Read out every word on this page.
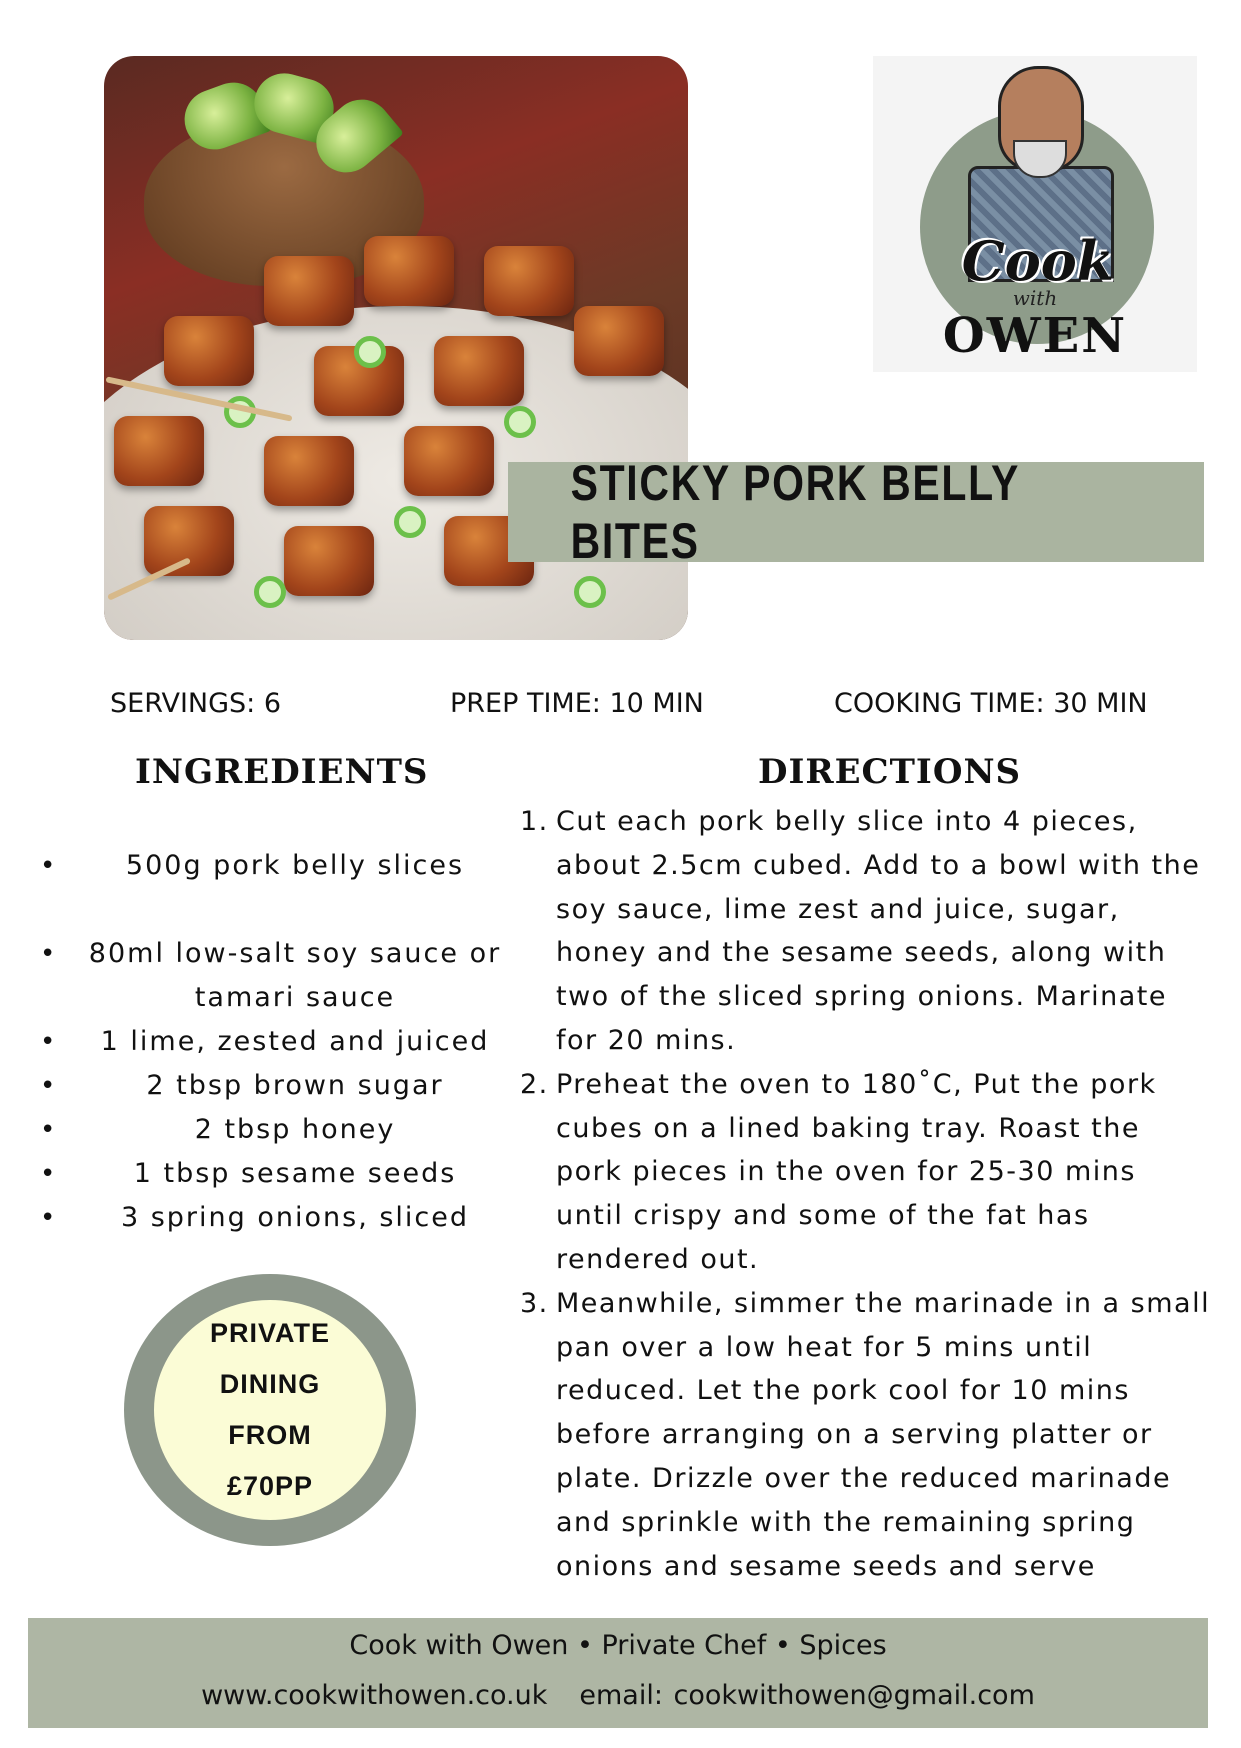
Cook
with
OWEN
STICKY PORK BELLY BITES
SERVINGS: 6	PREP TIME: 10 MIN	COOKING TIME: 30 MIN
INGREDIENTS	DIRECTIONS
• 500g pork belly slices
• 80ml low-salt soy sauce or tamari sauce
• 1 lime, zested and juiced
• 2 tbsp brown sugar
• 2 tbsp honey
• 1 tbsp sesame seeds
• 3 spring onions, sliced
1. Cut each pork belly slice into 4 pieces, about 2.5cm cubed. Add to a bowl with the soy sauce, lime zest and juice, sugar, honey and the sesame seeds, along with two of the sliced spring onions. Marinate for 20 mins.
2. Preheat the oven to 180˚C, Put the pork cubes on a lined baking tray. Roast the pork pieces in the oven for 25-30 mins until crispy and some of the fat has rendered out.
3. Meanwhile, simmer the marinade in a small pan over a low heat for 5 mins until reduced. Let the pork cool for 10 mins before arranging on a serving platter or plate. Drizzle over the reduced marinade and sprinkle with the remaining spring onions and sesame seeds and serve
PRIVATE
DINING
FROM
£70PP
Cook with Owen • Private Chef • Spices
www.cookwithowen.co.uk email: cookwithowen@gmail.com
